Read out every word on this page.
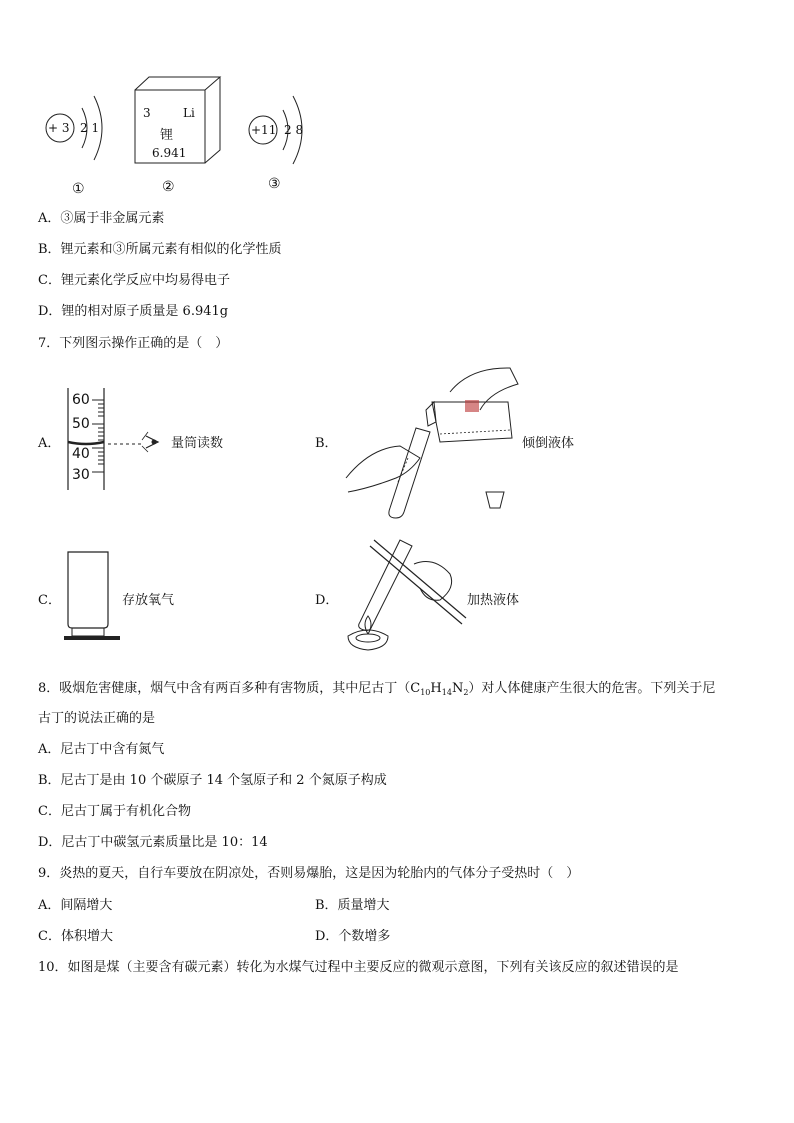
+ 3 2 1
①
3	Li
锂
6.941
②
+11 2 8
③
A．③属于非金属元素
B．锂元素和③所属元素有相似的化学性质
C．锂元素化学反应中均易得电子
D．锂的相对原子质量是 6.941g
7．下列图示操作正确的是（　）
A．
60
50
40
30
量筒读数	B．	倾倒液体
C．	存放氧气	D．	加热液体
8．吸烟危害健康，烟气中含有两百多种有害物质，其中尼古丁$(C_{10}H_{14}N_2)$对人体健康产生很大的危害。下列关于尼
古丁的说法正确的是
A．尼古丁中含有氮气
B．尼古丁是由 10 个碳原子 14 个氢原子和 2 个氮原子构成
C．尼古丁属于有机化合物
D．尼古丁中碳氢元素质量比是 10：14
9．炎热的夏天，自行车要放在阴凉处，否则易爆胎，这是因为轮胎内的气体分子受热时（　）
A．间隔增大	B．质量增大
C．体积增大	D．个数增多
10．如图是煤（主要含有碳元素）转化为水煤气过程中主要反应的微观示意图，下列有关该反应的叙述错误的是
